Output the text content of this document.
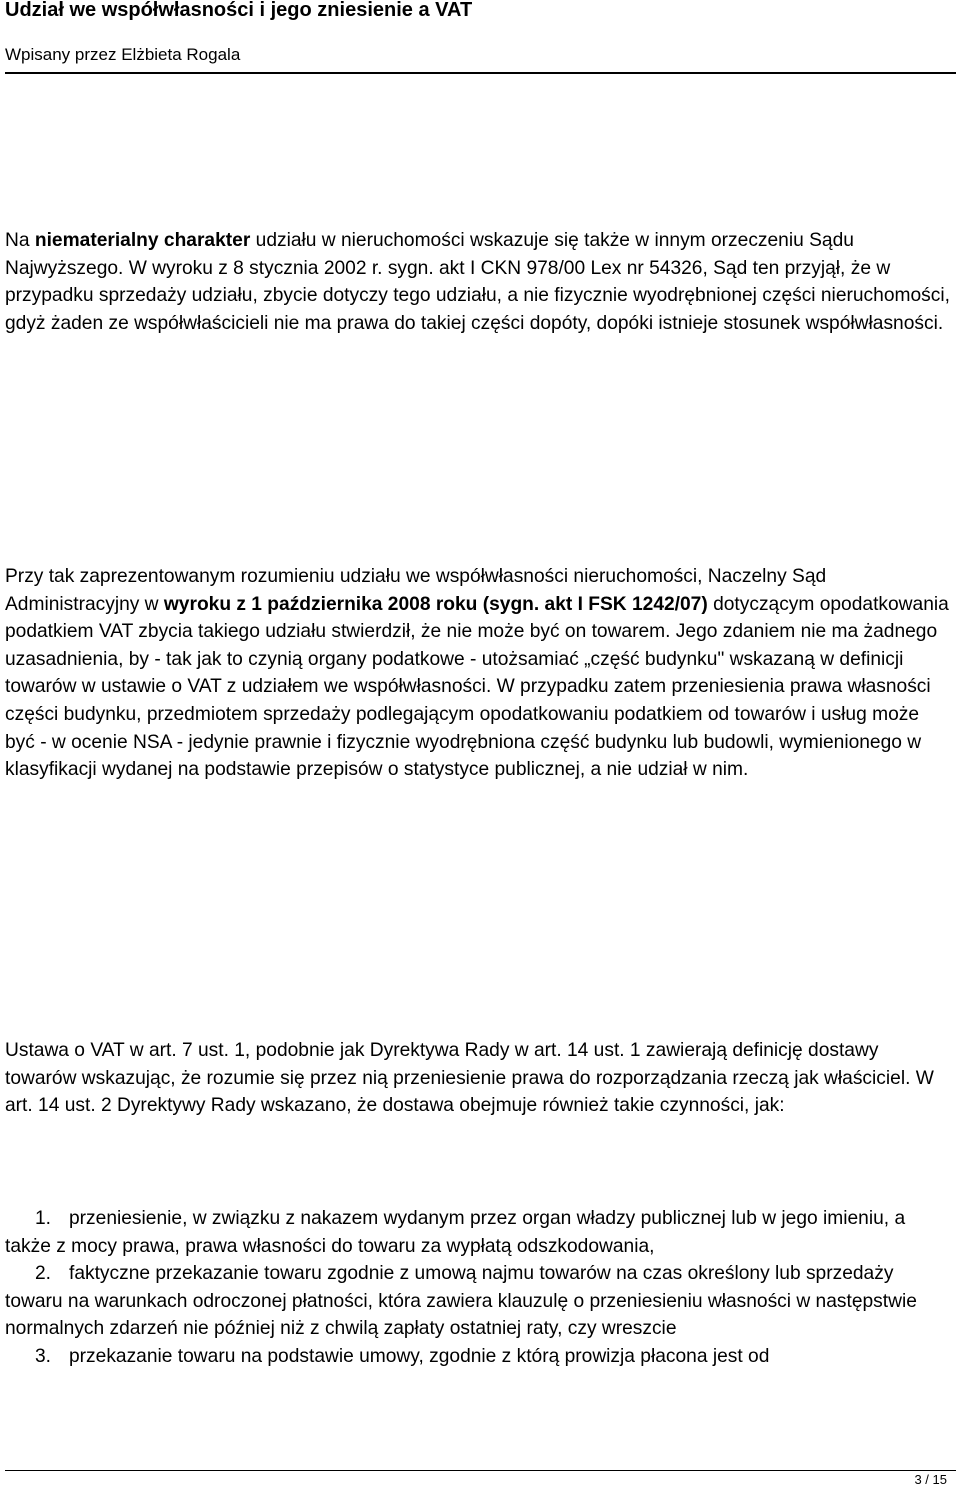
Udział we współwłasności i jego zniesienie a VAT
Wpisany przez Elżbieta Rogala

Na niematerialny charakter udziału w nieruchomości wskazuje się także w innym orzeczeniu Sądu Najwyższego. W wyroku z 8 stycznia 2002 r. sygn. akt I CKN 978/00 Lex nr 54326, Sąd ten przyjął, że w przypadku sprzedaży udziału, zbycie dotyczy tego udziału, a nie fizycznie wyodrębnionej części nieruchomości, gdyż żaden ze współwłaścicieli nie ma prawa do takiej części dopóty, dopóki istnieje stosunek współwłasności.

Przy tak zaprezentowanym rozumieniu udziału we współwłasności nieruchomości, Naczelny Sąd Administracyjny w wyroku z 1 października 2008 roku (sygn. akt I FSK 1242/07) dotyczącym opodatkowania podatkiem VAT zbycia takiego udziału stwierdził, że nie może być on towarem. Jego zdaniem nie ma żadnego uzasadnienia, by - tak jak to czynią organy podatkowe - utożsamiać „część budynku" wskazaną w definicji towarów w ustawie o VAT z udziałem we współwłasności. W przypadku zatem przeniesienia prawa własności części budynku, przedmiotem sprzedaży podlegającym opodatkowaniu podatkiem od towarów i usług może być - w ocenie NSA - jedynie prawnie i fizycznie wyodrębniona część budynku lub budowli, wymienionego w klasyfikacji wydanej na podstawie przepisów o statystyce publicznej, a nie udział w nim.

Ustawa o VAT w art. 7 ust. 1, podobnie jak Dyrektywa Rady w art. 14 ust. 1 zawierają definicję dostawy towarów wskazując, że rozumie się przez nią przeniesienie prawa do rozporządzania rzeczą jak właściciel. W art. 14 ust. 2 Dyrektywy Rady wskazano, że dostawa obejmuje również takie czynności, jak:

1. przeniesienie, w związku z nakazem wydanym przez organ władzy publicznej lub w jego imieniu, a także z mocy prawa, prawa własności do towaru za wypłatą odszkodowania,
2. faktyczne przekazanie towaru zgodnie z umową najmu towarów na czas określony lub sprzedaży towaru na warunkach odroczonej płatności, która zawiera klauzulę o przeniesieniu własności w następstwie normalnych zdarzeń nie później niż z chwilą zapłaty ostatniej raty, czy wreszcie
3. przekazanie towaru na podstawie umowy, zgodnie z którą prowizja płacona jest od
3 / 15
